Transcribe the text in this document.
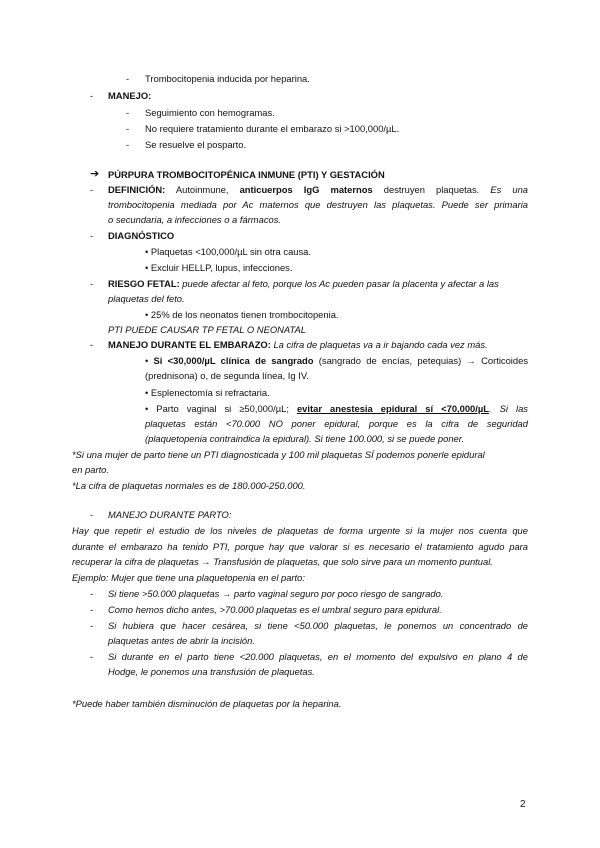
- Trombocitopenia inducida por heparina.
- MANEJO:
- Seguimiento con hemogramas.
- No requiere tratamiento durante el embarazo si >100,000/µL.
- Se resuelve el posparto.
➔ PÚRPURA TROMBOCITOPÉNICA INMUNE (PTI) Y GESTACIÓN
- DEFINICIÓN: Autoinmune, anticuerpos IgG maternos destruyen plaquetas. Es una
trombocitopenia mediada por Ac maternos que destruyen las plaquetas. Puede ser primaria
o secundaria, a infecciones o a fármacos.
- DIAGNÓSTICO
• Plaquetas <100,000/µL sin otra causa.
• Excluir HELLP, lupus, infecciones.
- RIESGO FETAL: puede afectar al feto, porque los Ac pueden pasar la placenta y afectar a las
plaquetas del feto.
• 25% de los neonatos tienen trombocitopenia.
PTI PUEDE CAUSAR TP FETAL O NEONATAL
- MANEJO DURANTE EL EMBARAZO: La cifra de plaquetas va a ir bajando cada vez más.
• Si <30,000/µL clínica de sangrado (sangrado de encías, petequias) → Corticoides
(prednisona) o, de segunda línea, Ig IV.
• Esplenectomía si refractaria.
• Parto vaginal si ≥50,000/µL; evitar anestesia epidural sí <70,000/µL. Si las
plaquetas están <70.000 NO poner epidural, porque es la cifra de seguridad
(plaquetopenia contraindica la epidural). Si tiene 100.000, si se puede poner.
*Si una mujer de parto tiene un PTI diagnosticada y 100 mil plaquetas SÍ podemos ponerle epidural
en parto.
*La cifra de plaquetas normales es de 180.000-250.000.
- MANEJO DURANTE PARTO:
Hay que repetir el estudio de los niveles de plaquetas de forma urgente si la mujer nos cuenta que
durante el embarazo ha tenido PTI, porque hay que valorar si es necesario el tratamiento agudo para
recuperar la cifra de plaquetas → Transfusión de plaquetas, que solo sirve para un momento puntual.
Ejemplo: Mujer que tiene una plaquetopenia en el parto:
- Si tiene >50.000 plaquetas → parto vaginal seguro por poco riesgo de sangrado.
- Como hemos dicho antes, >70.000 plaquetas es el umbral seguro para epidural.
- Si hubiera que hacer cesárea, si tiene <50.000 plaquetas, le ponemos un concentrado de
plaquetas antes de abrir la incisión.
- Si durante en el parto tiene <20.000 plaquetas, en el momento del expulsivo en plano 4 de
Hodge, le ponemos una transfusión de plaquetas.
*Puede haber también disminución de plaquetas por la heparina.
2
